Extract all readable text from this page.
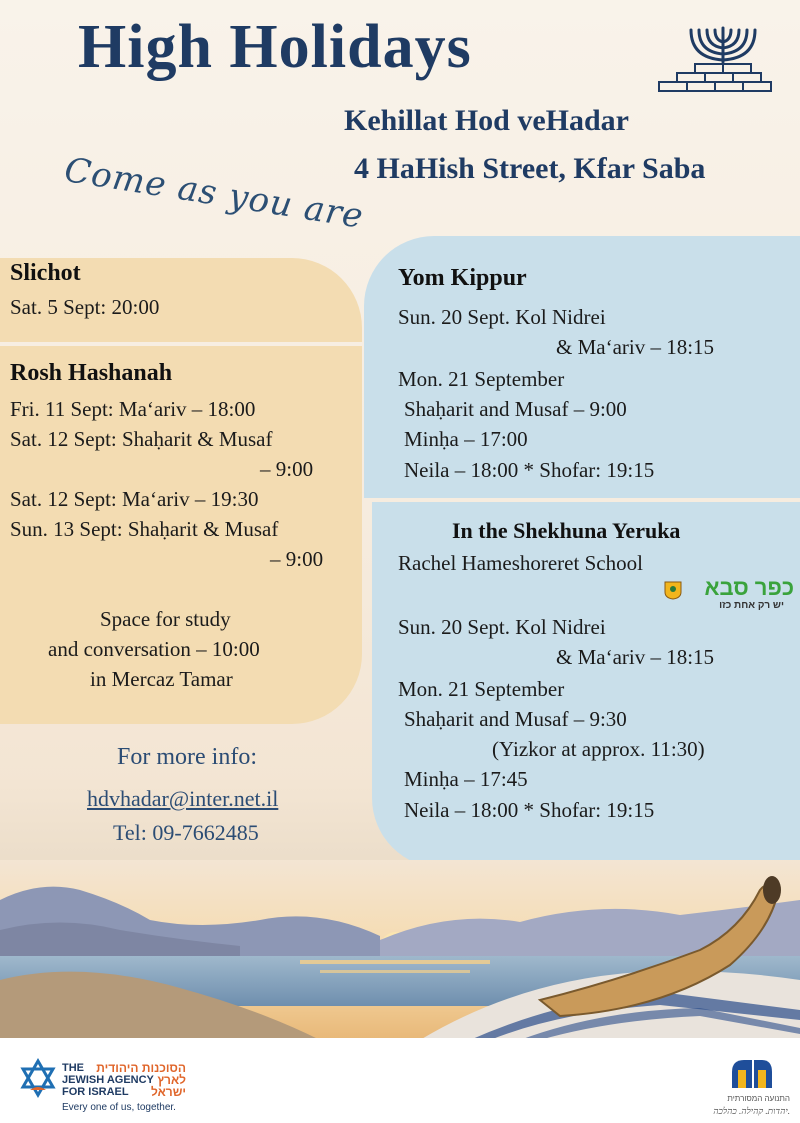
High Holidays
Kehillat Hod veHadar
4 HaHish Street, Kfar Saba
Come as you are
Slichot
Sat. 5 Sept: 20:00
Rosh Hashanah
Fri. 11 Sept: Ma‘ariv – 18:00
Sat. 12 Sept: Shaḥarit & Musaf
– 9:00
Sat. 12 Sept: Ma‘ariv – 19:30
Sun. 13 Sept: Shaḥarit & Musaf
– 9:00
Space for study
and conversation – 10:00
in Mercaz Tamar
For more info:
hdvhadar@inter.net.il
Tel: 09-7662485
Yom Kippur
Sun. 20 Sept. Kol Nidrei
& Ma‘ariv – 18:15
Mon. 21 September
Shaḥarit and Musaf – 9:00
Minḥa – 17:00
Neila – 18:00 * Shofar: 19:15
In the Shekhuna Yeruka
Rachel Hameshoreret School
כפר סבא
יש רק אחת כזו
Sun. 20 Sept. Kol Nidrei
& Ma‘ariv – 18:15
Mon. 21 September
Shaḥarit and Musaf – 9:30
(Yizkor at approx. 11:30)
Minḥa – 17:45
Neila – 18:00 * Shofar: 19:15
THE
JEWISH AGENCY
FOR ISRAEL
הסוכנות היהודית
לארץ
ישראל
Every one of us, together.
התנועה המסורתית
יהדות. קהילה. כהלכה.
